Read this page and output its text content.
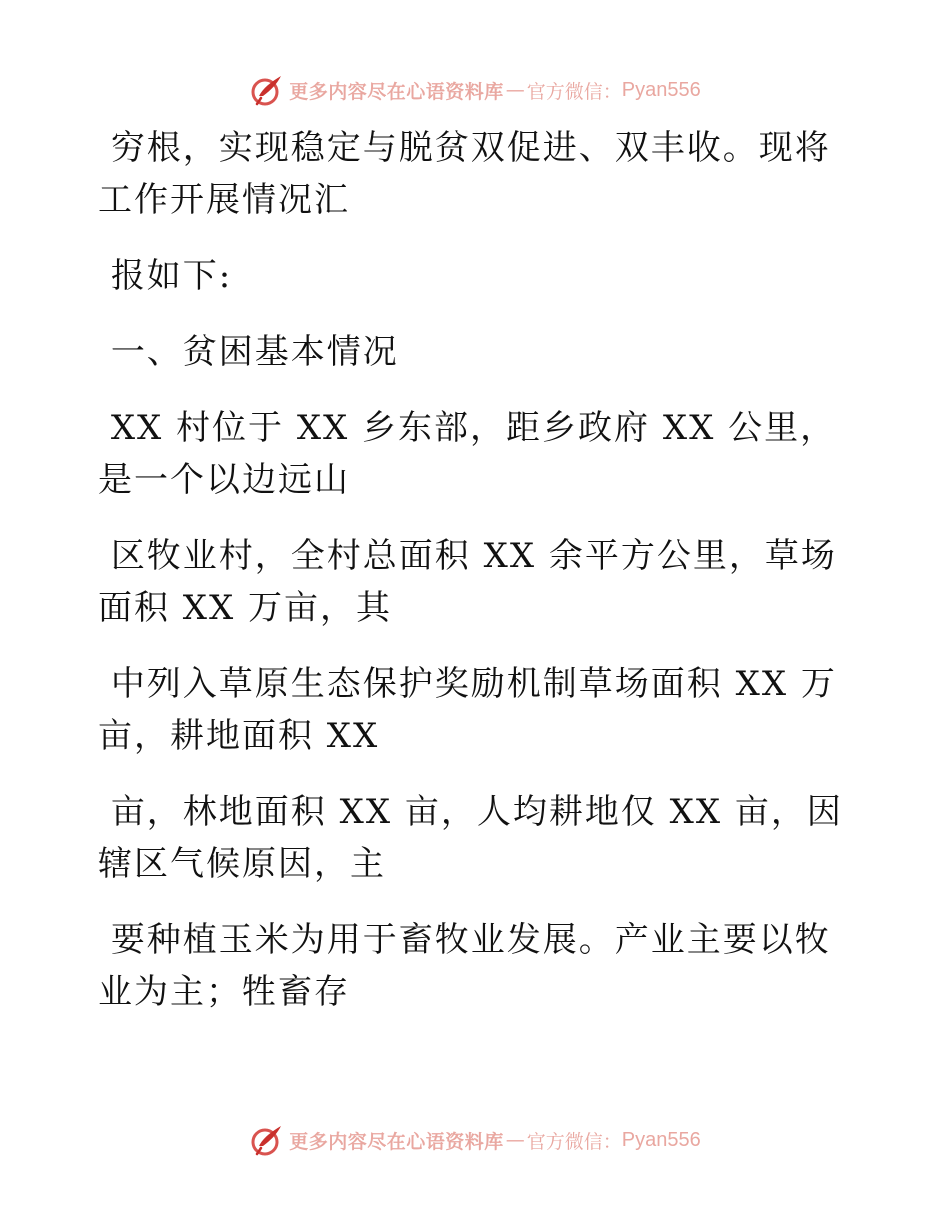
更多内容尽在心语资料库 — 官方微信： Pyan556

穷根，实现稳定与脱贫双促进、双丰收。现将工作开展情况汇

报如下:

一、贫困基本情况

XX 村位于 XX 乡东部，距乡政府 XX 公里，是一个以边远山

区牧业村，全村总面积 XX 余平方公里，草场面积 XX 万亩，其

中列入草原生态保护奖励机制草场面积 XX 万亩，耕地面积 XX

亩，林地面积 XX 亩，人均耕地仅 XX 亩，因辖区气候原因，主

要种植玉米为用于畜牧业发展。产业主要以牧业为主；牲畜存

更多内容尽在心语资料库 — 官方微信： Pyan556
